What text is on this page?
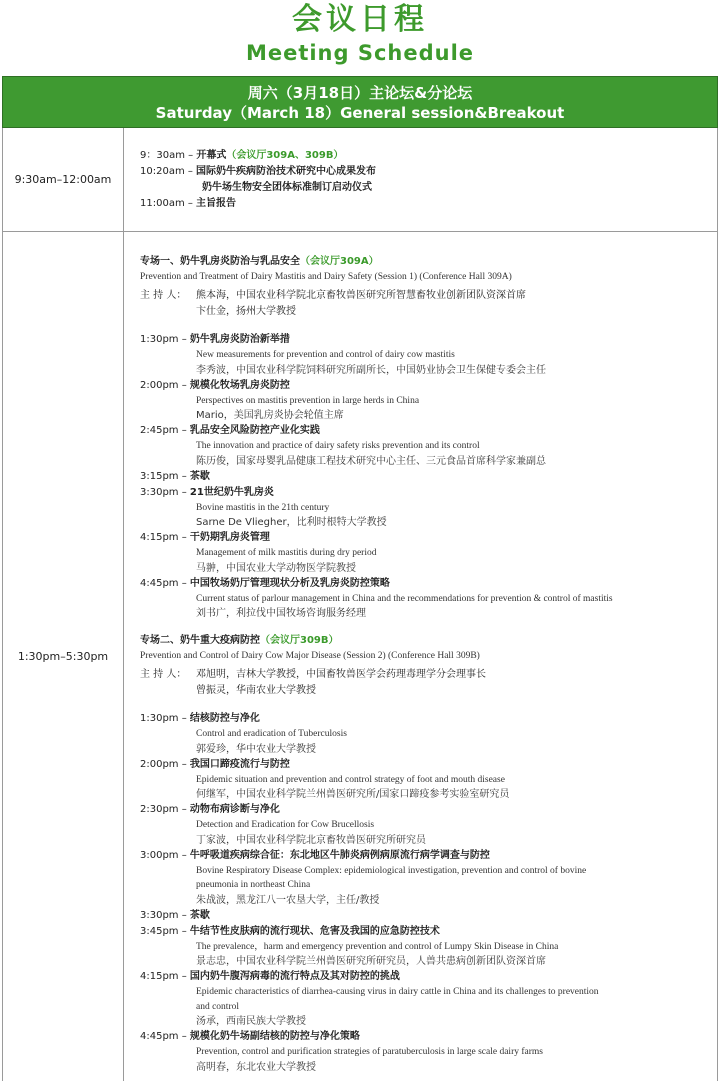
会议日程
Meeting Schedule
周六（3月18日）主论坛&分论坛
Saturday（March 18）General session&Breakout
9:30am–12:00am
9：30am – 开幕式（会议厅309A、309B）
10:20am – 国际奶牛疾病防治技术研究中心成果发布
奶牛场生物安全团体标准制订启动仪式
11:00am – 主旨报告
1:30pm–5:30pm
专场一、奶牛乳房炎防治与乳品安全（会议厅309A）
Prevention and Treatment of Dairy Mastitis and Dairy Safety (Session 1) (Conference Hall 309A)
主 持 人： 熊本海，中国农业科学院北京畜牧兽医研究所智慧畜牧业创新团队资深首席
卞仕金，扬州大学教授
1:30pm – 奶牛乳房炎防治新举措
New measurements for prevention and control of dairy cow mastitis
李秀波，中国农业科学院饲料研究所副所长，中国奶业协会卫生保健专委会主任
2:00pm – 规模化牧场乳房炎防控
Perspectives on mastitis prevention in large herds in China
Mario，美国乳房炎协会轮值主席
2:45pm – 乳品安全风险防控产业化实践
The innovation and practice of dairy safety risks prevention and its control
陈历俊，国家母婴乳品健康工程技术研究中心主任、三元食品首席科学家兼副总
3:15pm – 茶歇
3:30pm – 21世纪奶牛乳房炎
Bovine mastitis in the 21th century
Sarne De Vliegher，比利时根特大学教授
4:15pm – 干奶期乳房炎管理
Management of milk mastitis during dry period
马翀，中国农业大学动物医学院教授
4:45pm – 中国牧场奶厅管理现状分析及乳房炎防控策略
Current status of parlour management in China and the recommendations for prevention & control of mastitis
刘书广，利拉伐中国牧场咨询服务经理
专场二、奶牛重大疫病防控（会议厅309B）
Prevention and Control of Dairy Cow Major Disease (Session 2) (Conference Hall 309B)
主 持 人： 邓旭明，吉林大学教授，中国畜牧兽医学会药理毒理学分会理事长
曾振灵，华南农业大学教授
1:30pm – 结核防控与净化
Control and eradication of Tuberculosis
郭爱珍，华中农业大学教授
2:00pm – 我国口蹄疫流行与防控
Epidemic situation and prevention and control strategy of foot and mouth disease
何继军，中国农业科学院兰州兽医研究所/国家口蹄疫参考实验室研究员
2:30pm – 动物布病诊断与净化
Detection and Eradication for Cow Brucellosis
丁家波，中国农业科学院北京畜牧兽医研究所研究员
3:00pm – 牛呼吸道疾病综合征：东北地区牛肺炎病例病原流行病学调查与防控
Bovine Respiratory Disease Complex: epidemiological investigation, prevention and control of bovine
pneumonia in northeast China
朱战波，黑龙江八一农垦大学，主任/教授
3:30pm – 茶歇
3:45pm – 牛结节性皮肤病的流行现状、危害及我国的应急防控技术
The prevalence，harm and emergency prevention and control of Lumpy Skin Disease in China
景志忠，中国农业科学院兰州兽医研究所研究员，人兽共患病创新团队资深首席
4:15pm – 国内奶牛腹泻病毒的流行特点及其对防控的挑战
Epidemic characteristics of diarrhea-causing virus in dairy cattle in China and its challenges to prevention
and control
汤承，西南民族大学教授
4:45pm – 规模化奶牛场副结核的防控与净化策略
Prevention, control and purification strategies of paratuberculosis in large scale dairy farms
高明春，东北农业大学教授
